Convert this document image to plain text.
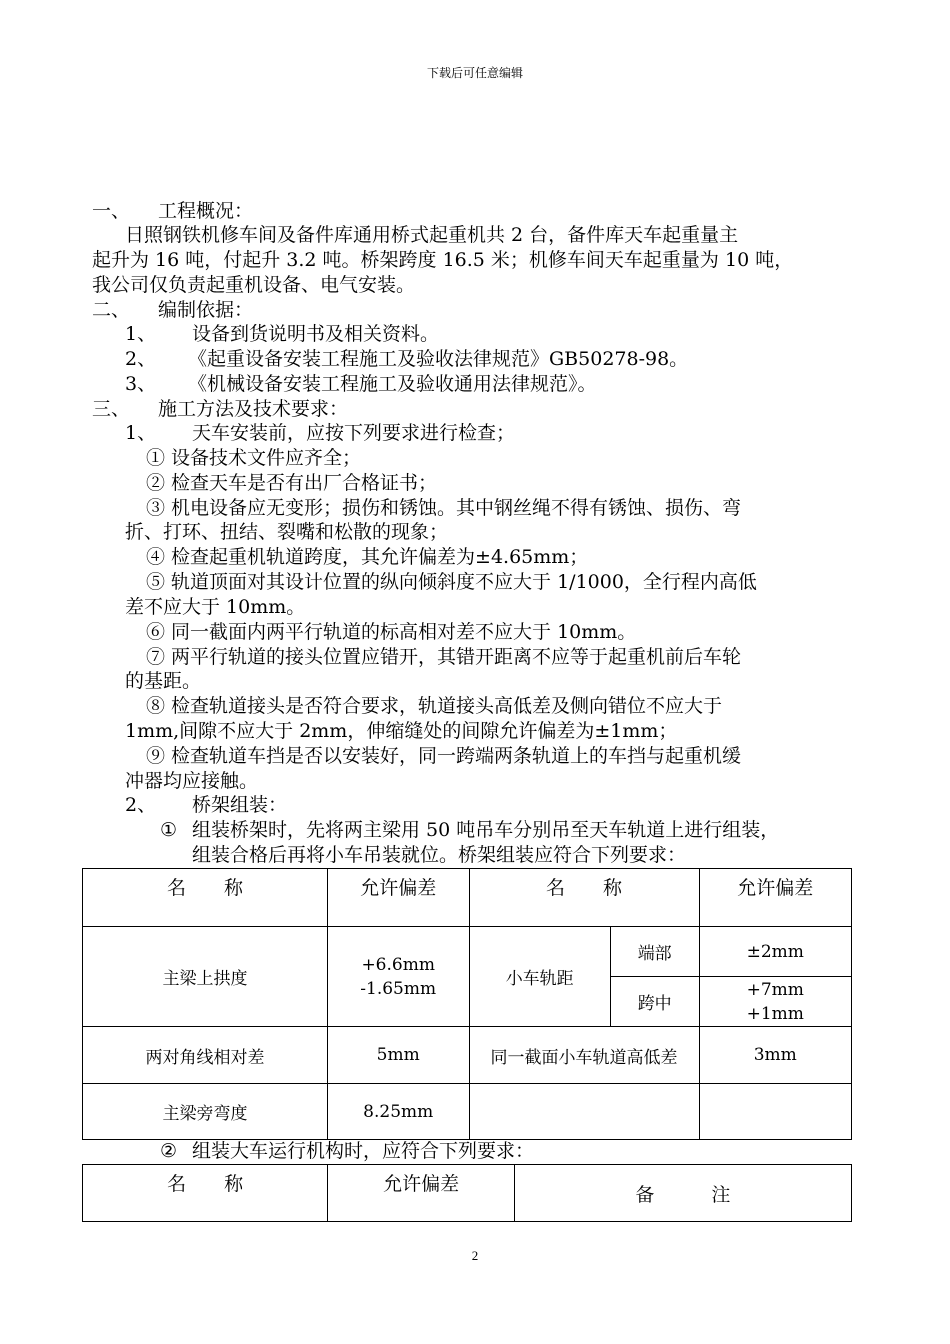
下载后可任意编辑
一、 工程概况：
日照钢铁机修车间及备件库通用桥式起重机共 2 台，备件库天车起重量主
起升为 16 吨，付起升 3.2 吨。桥架跨度 16.5 米；机修车间天车起重量为 10 吨，
我公司仅负责起重机设备、电气安装。
二、 编制依据：
1、 设备到货说明书及相关资料。
2、 《起重设备安装工程施工及验收法律规范》GB50278-98。
3、 《机械设备安装工程施工及验收通用法律规范》。
三、 施工方法及技术要求：
1、 天车安装前，应按下列要求进行检查；
① 设备技术文件应齐全；
② 检查天车是否有出厂合格证书；
③ 机电设备应无变形；损伤和锈蚀。其中钢丝绳不得有锈蚀、损伤、弯
折、打环、扭结、裂嘴和松散的现象；
④ 检查起重机轨道跨度，其允许偏差为±4.65mm；
⑤ 轨道顶面对其设计位置的纵向倾斜度不应大于 1/1000，全行程内高低
差不应大于 10mm。
⑥ 同一截面内两平行轨道的标高相对差不应大于 10mm。
⑦ 两平行轨道的接头位置应错开，其错开距离不应等于起重机前后车轮
的基距。
⑧ 检查轨道接头是否符合要求，轨道接头高低差及侧向错位不应大于
1mm,间隙不应大于 2mm，伸缩缝处的间隙允许偏差为±1mm；
⑨ 检查轨道车挡是否以安装好，同一跨端两条轨道上的车挡与起重机缓
冲器均应接触。
2、 桥架组装：
① 组装桥架时，先将两主梁用 50 吨吊车分别吊至天车轨道上进行组装，
组装合格后再将小车吊装就位。桥架组装应符合下列要求：
名　　称	允许偏差	名　　称		允许偏差
主梁上拱度	+6.6mm
-1.65mm	小车轨距	端部	±2mm
			跨中	+7mm
+1mm

两对角线相对差	5mm	同一截面小车轨道高低差		3mm
主梁旁弯度	8.25mm			
② 组装大车运行机构时，应符合下列要求：
名　　称	允许偏差	备　　　注
2
